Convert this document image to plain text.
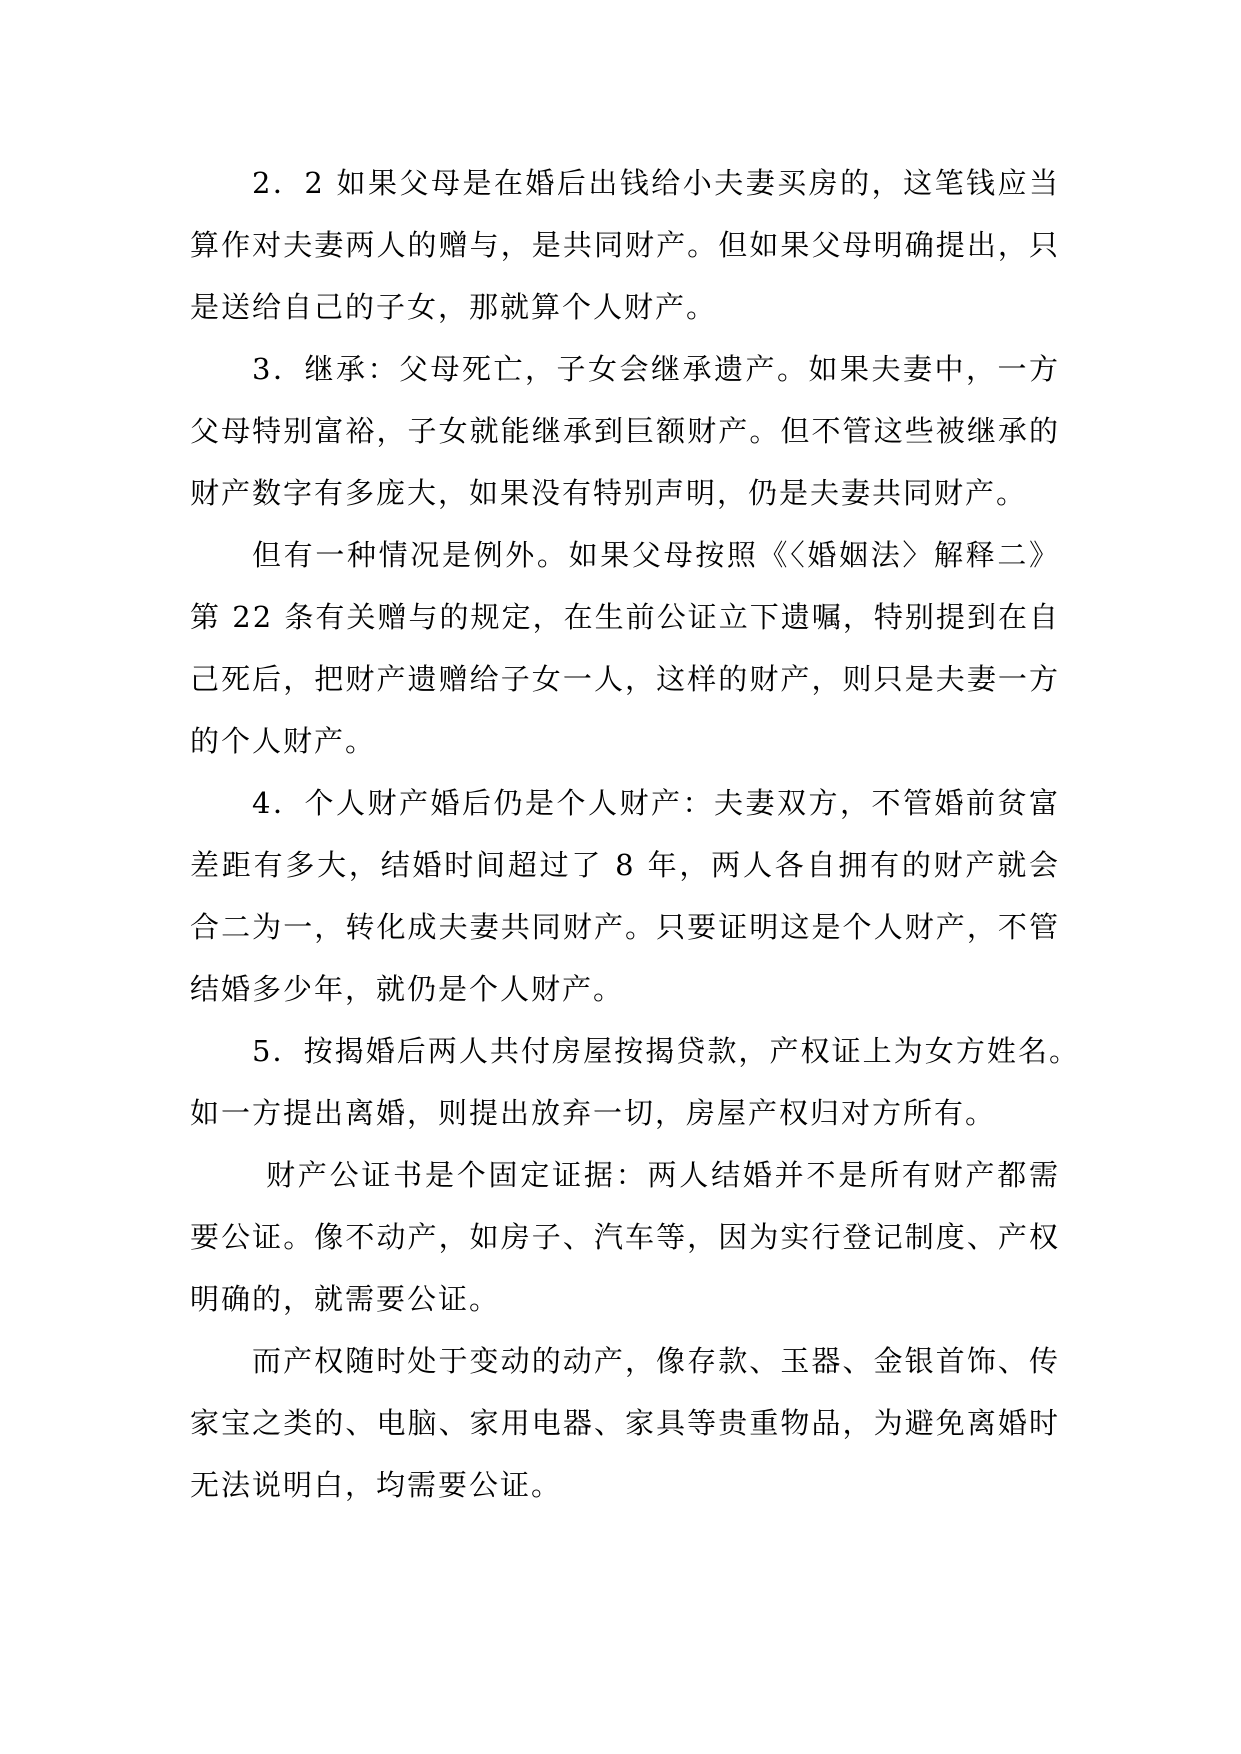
2．2 如果父母是在婚后出钱给小夫妻买房的，这笔钱应当算作对夫妻两人的赠与，是共同财产。但如果父母明确提出，只是送给自己的子女，那就算个人财产。

3．继承：父母死亡，子女会继承遗产。如果夫妻中，一方父母特别富裕，子女就能继承到巨额财产。但不管这些被继承的财产数字有多庞大，如果没有特别声明，仍是夫妻共同财产。

但有一种情况是例外。如果父母按照《〈婚姻法〉解释二》第 22 条有关赠与的规定，在生前公证立下遗嘱，特别提到在自己死后，把财产遗赠给子女一人，这样的财产，则只是夫妻一方的个人财产。

4．个人财产婚后仍是个人财产：夫妻双方，不管婚前贫富差距有多大，结婚时间超过了 8 年，两人各自拥有的财产就会合二为一，转化成夫妻共同财产。只要证明这是个人财产，不管结婚多少年，就仍是个人财产。

5．按揭婚后两人共付房屋按揭贷款，产权证上为女方姓名。如一方提出离婚，则提出放弃一切，房屋产权归对方所有。

财产公证书是个固定证据：两人结婚并不是所有财产都需要公证。像不动产，如房子、汽车等，因为实行登记制度、产权明确的，就需要公证。

而产权随时处于变动的动产，像存款、玉器、金银首饰、传家宝之类的、电脑、家用电器、家具等贵重物品，为避免离婚时无法说明白，均需要公证。
